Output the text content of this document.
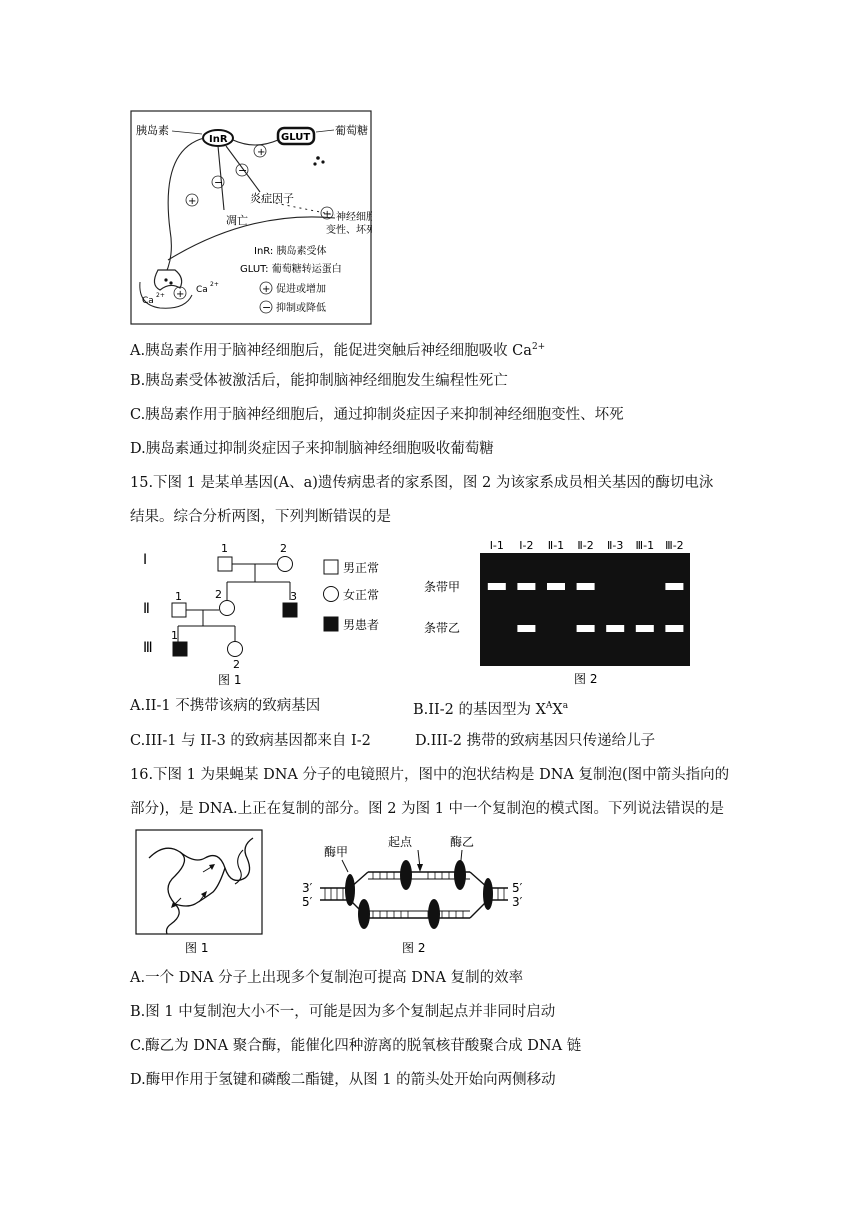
胰岛素
InR	GLUT
葡萄糖
+
−
炎症因子
−
凋亡
+
+ 神经细胞
变性、坏死
Ca
2+
Ca
2+
+
InR: 胰岛素受体
GLUT: 葡萄糖转运蛋白
+ 促进或增加
− 抑制或降低
A.胰岛素作用于脑神经细胞后，能促进突触后神经细胞吸收 $Ca^{2+}$
B.胰岛素受体被激活后，能抑制脑神经细胞发生编程性死亡
C.胰岛素作用于脑神经细胞后，通过抑制炎症因子来抑制神经细胞变性、坏死
D.胰岛素通过抑制炎症因子来抑制脑神经细胞吸收葡萄糖
15.下图 1 是某单基因(A、a)遗传病患者的家系图，图 2 为该家系成员相关基因的酶切电泳
结果。综合分析两图，下列判断错误的是
Ⅰ
Ⅱ
Ⅲ
1	2
1	2	3
1
2
男正常
女正常
男患者
图 1
条带甲
条带乙
图 2
Ⅰ-1 Ⅰ-2 Ⅱ-1 Ⅱ-2 Ⅱ-3 Ⅲ-1 Ⅲ-2
A.II-1 不携带该病的致病基因	B.II-2 的基因型为 $X^AX^a$
C.III-1 与 II-3 的致病基因都来自 I-2	D.III-2 携带的致病基因只传递给儿子
16.下图 1 为果蝇某 DNA 分子的电镜照片，图中的泡状结构是 DNA 复制泡(图中箭头指向的
部分)，是 DNA.上正在复制的部分。图 2 为图 1 中一个复制泡的模式图。下列说法错误的是
图 1
酶甲
起点	酶乙
3′
5′
5′
3′
图 2
A.一个 DNA 分子上出现多个复制泡可提高 DNA 复制的效率
B.图 1 中复制泡大小不一，可能是因为多个复制起点并非同时启动
C.酶乙为 DNA 聚合酶，能催化四种游离的脱氧核苷酸聚合成 DNA 链
D.酶甲作用于氢键和磷酸二酯键，从图 1 的箭头处开始向两侧移动
